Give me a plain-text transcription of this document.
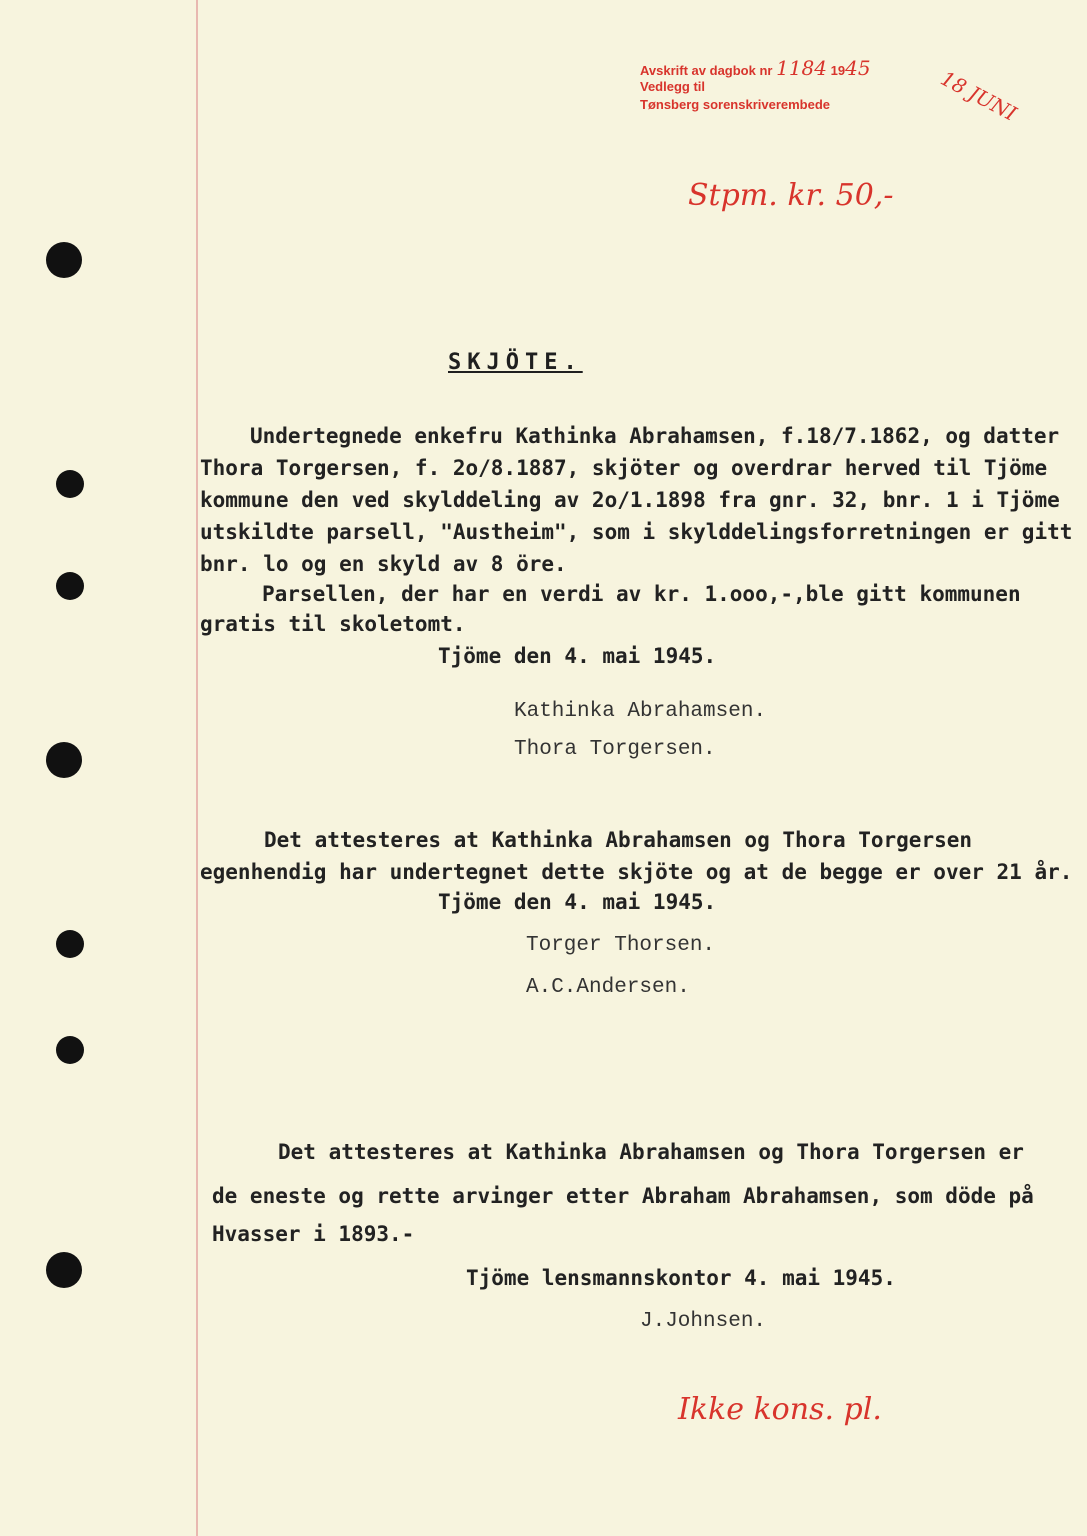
Avskrift av dagbok nr 1184 1945
Vedlegg til
Tønsberg sorenskriverembede	18 JUNI
Stpm. kr. 50,-
SKJÖTE.
Undertegnede enkefru Kathinka Abrahamsen, f.18/7.1862, og datter
Thora Torgersen, f. 2o/8.1887, skjöter og overdrar herved til Tjöme
kommune den ved skylddeling av 2o/1.1898 fra gnr. 32, bnr. 1 i Tjöme
utskildte parsell, "Austheim", som i skylddelingsforretningen er gitt
bnr. lo og en skyld av 8 öre.
Parsellen, der har en verdi av kr. 1.ooo,-,ble gitt kommunen
gratis til skoletomt.
Tjöme den 4. mai 1945.
Kathinka Abrahamsen.
Thora Torgersen.
Det attesteres at Kathinka Abrahamsen og Thora Torgersen
egenhendig har undertegnet dette skjöte og at de begge er over 21 år.
Tjöme den 4. mai 1945.
Torger Thorsen.
A.C.Andersen.
Det attesteres at Kathinka Abrahamsen og Thora Torgersen er
de eneste og rette arvinger etter Abraham Abrahamsen, som döde på
Hvasser i 1893.-
Tjöme lensmannskontor 4. mai 1945.
J.Johnsen.
Ikke kons. pl.
